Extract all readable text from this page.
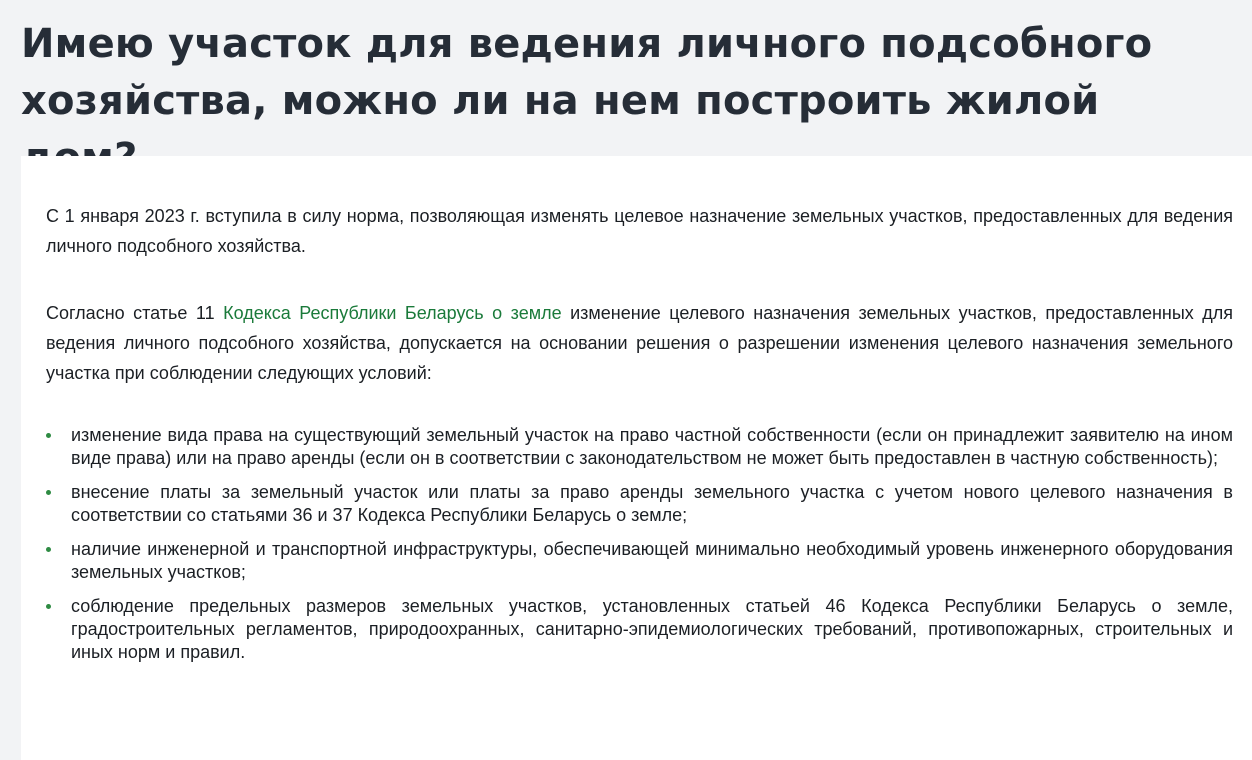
Имею участок для ведения личного подсобного хозяйства, можно ли на нем построить жилой

С 1 января 2023 г. вступила в силу норма, позволяющая изменять целевое назначение земельных участков, предоставленных для ведения личного подсобного хозяйства.

Согласно статье 11 Кодекса Республики Беларусь о земле изменение целевого назначения земельных участков, предоставленных для ведения личного подсобного хозяйства, допускается на основании решения о разрешении изменения целевого назначения земельного участка при соблюдении следующих условий:

изменение вида права на существующий земельный участок на право частной собственности (если он принадлежит заявителю на ином виде права) или на право аренды (если он в соответствии с законодательством не может быть предоставлен в частную собственность);
внесение платы за земельный участок или платы за право аренды земельного участка с учетом нового целевого назначения в соответствии со статьями 36 и 37 Кодекса Республики Беларусь о земле;
наличие инженерной и транспортной инфраструктуры, обеспечивающей минимально необходимый уровень инженерного оборудования земельных участков;
соблюдение предельных размеров земельных участков, установленных статьей 46 Кодекса Республики Беларусь о земле, градостроительных регламентов, природоохранных, санитарно-эпидемиологических требований, противопожарных, строительных и иных норм и правил.
